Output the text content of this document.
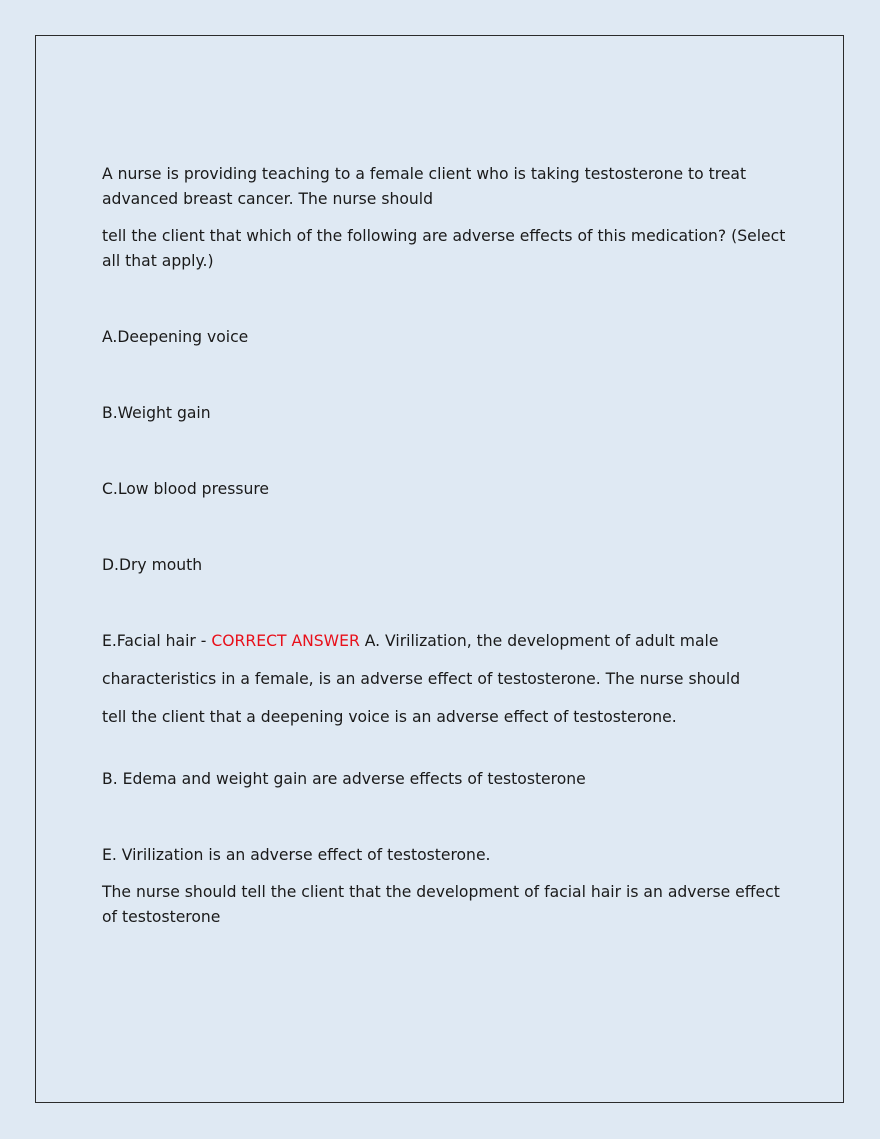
A nurse is providing teaching to a female client who is taking testosterone to treat advanced breast cancer. The nurse should

tell the client that which of the following are adverse effects of this medication? (Select all that apply.)

A.Deepening voice

B.Weight gain

C.Low blood pressure

D.Dry mouth

E.Facial hair - CORRECT ANSWER A. Virilization, the development of adult male

characteristics in a female, is an adverse effect of testosterone. The nurse should

tell the client that a deepening voice is an adverse effect of testosterone.

B. Edema and weight gain are adverse effects of testosterone

E. Virilization is an adverse effect of testosterone.

The nurse should tell the client that the development of facial hair is an adverse effect of testosterone
